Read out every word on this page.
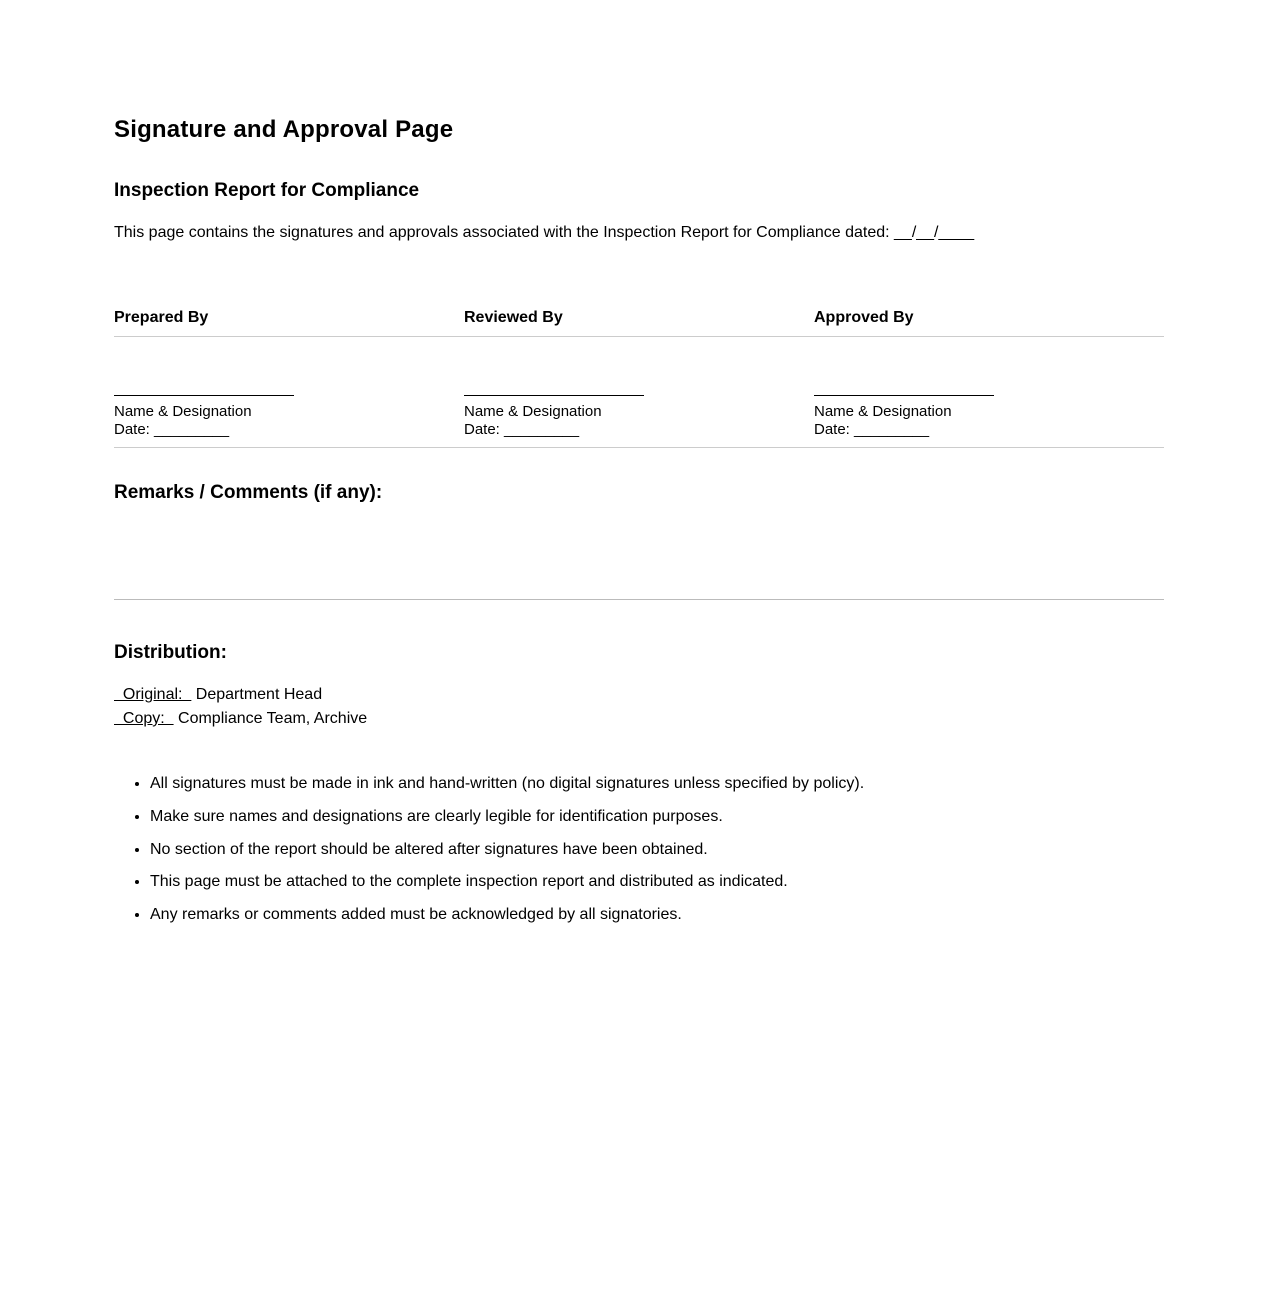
Signature and Approval Page
Inspection Report for Compliance

This page contains the signatures and approvals associated with the Inspection Report for Compliance dated: __/__/____

Prepared By	Reviewed By	Approved By
Name & Designation
Date: _________
Name & Designation
Date: _________
Name & Designation
Date: _________
Remarks / Comments (if any):
Distribution:
Original:   Department Head
Copy:   Compliance Team, Archive
• All signatures must be made in ink and hand-written (no digital signatures unless specified by policy).
• Make sure names and designations are clearly legible for identification purposes.
• No section of the report should be altered after signatures have been obtained.
• This page must be attached to the complete inspection report and distributed as indicated.
• Any remarks or comments added must be acknowledged by all signatories.
